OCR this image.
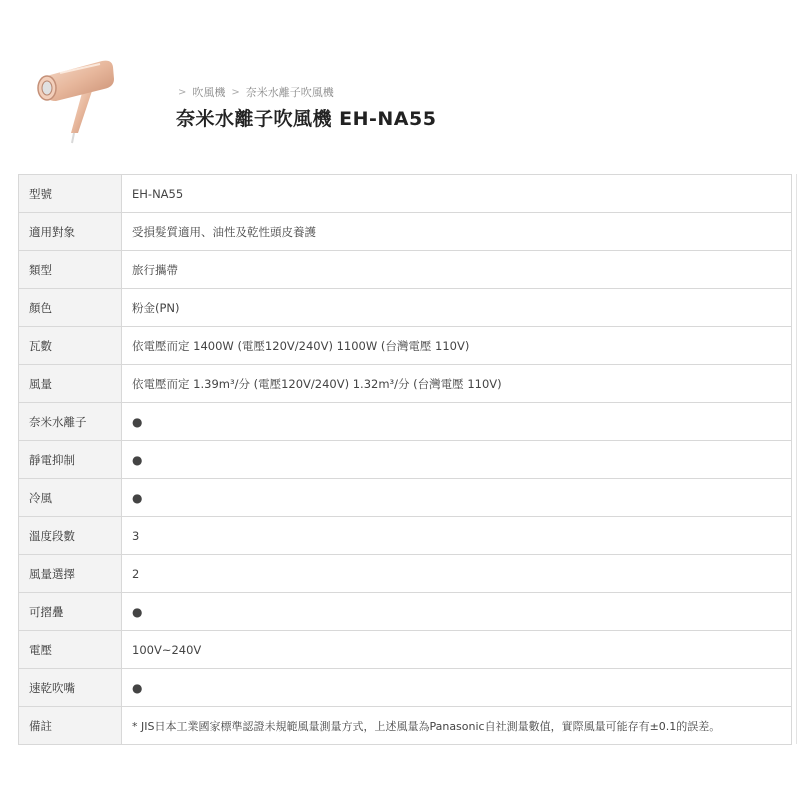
> 吹風機 > 奈米水離子吹風機
奈米水離子吹風機 EH-NA55
型號	EH-NA55
適用對象	受損髮質適用、油性及乾性頭皮養護
類型	旅行攜帶
顏色	粉金(PN)
瓦數	依電壓而定 1400W (電壓120V/240V) 1100W (台灣電壓 110V)
風量	依電壓而定 1.39m³/分 (電壓120V/240V) 1.32m³/分 (台灣電壓 110V)
奈米水離子	●
靜電抑制	●
冷風	●
溫度段數	3
風量選擇	2
可摺疊	●
電壓	100V~240V
速乾吹嘴	●
備註	* JIS日本工業國家標準認證未規範風量測量方式，上述風量為Panasonic自社測量數值，實際風量可能存有±0.1的誤差。
